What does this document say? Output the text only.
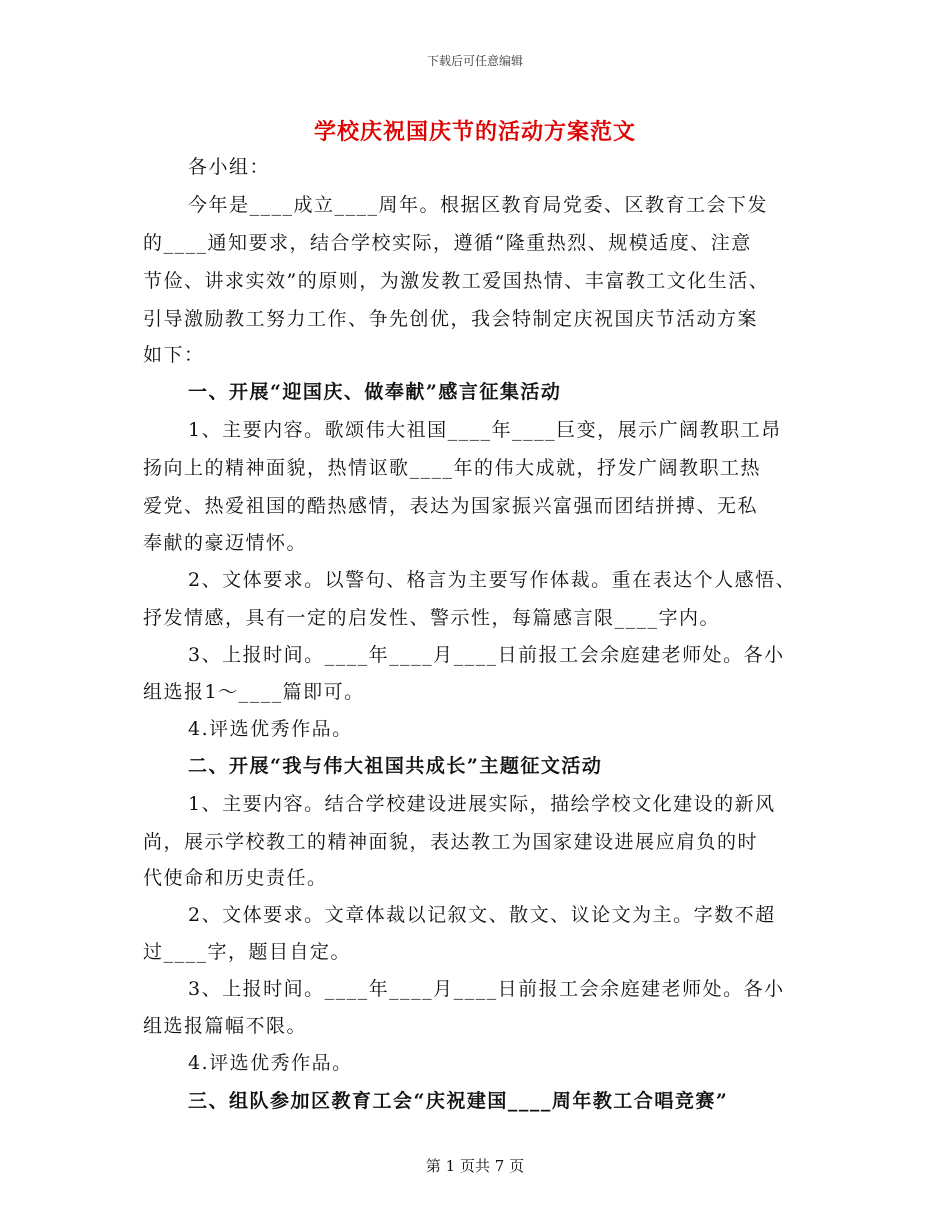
下载后可任意编辑
学校庆祝国庆节的活动方案范文
各小组：
今年是____成立____周年。根据区教育局党委、区教育工会下发
的____通知要求，结合学校实际，遵循“隆重热烈、规模适度、注意
节俭、讲求实效”的原则，为激发教工爱国热情、丰富教工文化生活、
引导激励教工努力工作、争先创优，我会特制定庆祝国庆节活动方案
如下：
一、开展“迎国庆、做奉献”感言征集活动
1、主要内容。歌颂伟大祖国____年____巨变，展示广阔教职工昂
扬向上的精神面貌，热情讴歌____年的伟大成就，抒发广阔教职工热
爱党、热爱祖国的酷热感情，表达为国家振兴富强而团结拼搏、无私
奉献的豪迈情怀。
2、文体要求。以警句、格言为主要写作体裁。重在表达个人感悟、
抒发情感，具有一定的启发性、警示性，每篇感言限____字内。
3、上报时间。____年____月____日前报工会余庭建老师处。各小
组选报1～____篇即可。
4.评选优秀作品。
二、开展“我与伟大祖国共成长”主题征文活动
1、主要内容。结合学校建设进展实际，描绘学校文化建设的新风
尚，展示学校教工的精神面貌，表达教工为国家建设进展应肩负的时
代使命和历史责任。
2、文体要求。文章体裁以记叙文、散文、议论文为主。字数不超
过____字，题目自定。
3、上报时间。____年____月____日前报工会余庭建老师处。各小
组选报篇幅不限。
4.评选优秀作品。
三、组队参加区教育工会“庆祝建国____周年教工合唱竞赛”
第 1 页共 7 页
